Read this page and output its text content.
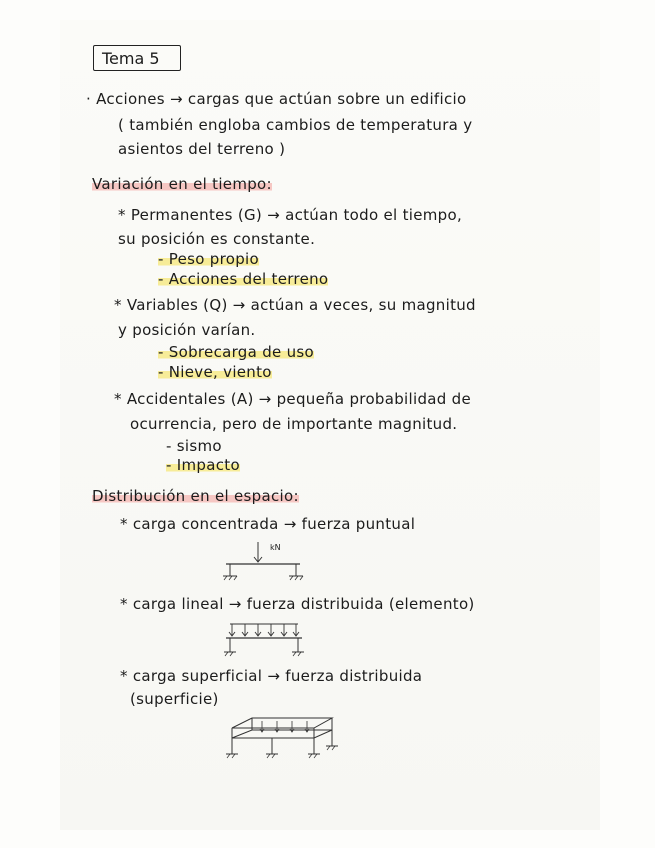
Tema 5
· Acciones → cargas que actúan sobre un edificio
( también engloba cambios de temperatura y
asientos del terreno )
Variación en el tiempo:
* Permanentes (G) → actúan todo el tiempo,
su posición es constante.
- Peso propio
- Acciones del terreno
* Variables (Q) → actúan a veces, su magnitud
y posición varían.
- Sobrecarga de uso
- Nieve, viento
* Accidentales (A) → pequeña probabilidad de
ocurrencia, pero de importante magnitud.
- sismo
- Impacto
Distribución en el espacio:
* carga concentrada → fuerza puntual
kN
* carga lineal → fuerza distribuida (elemento)
* carga superficial → fuerza distribuida
(superficie)
